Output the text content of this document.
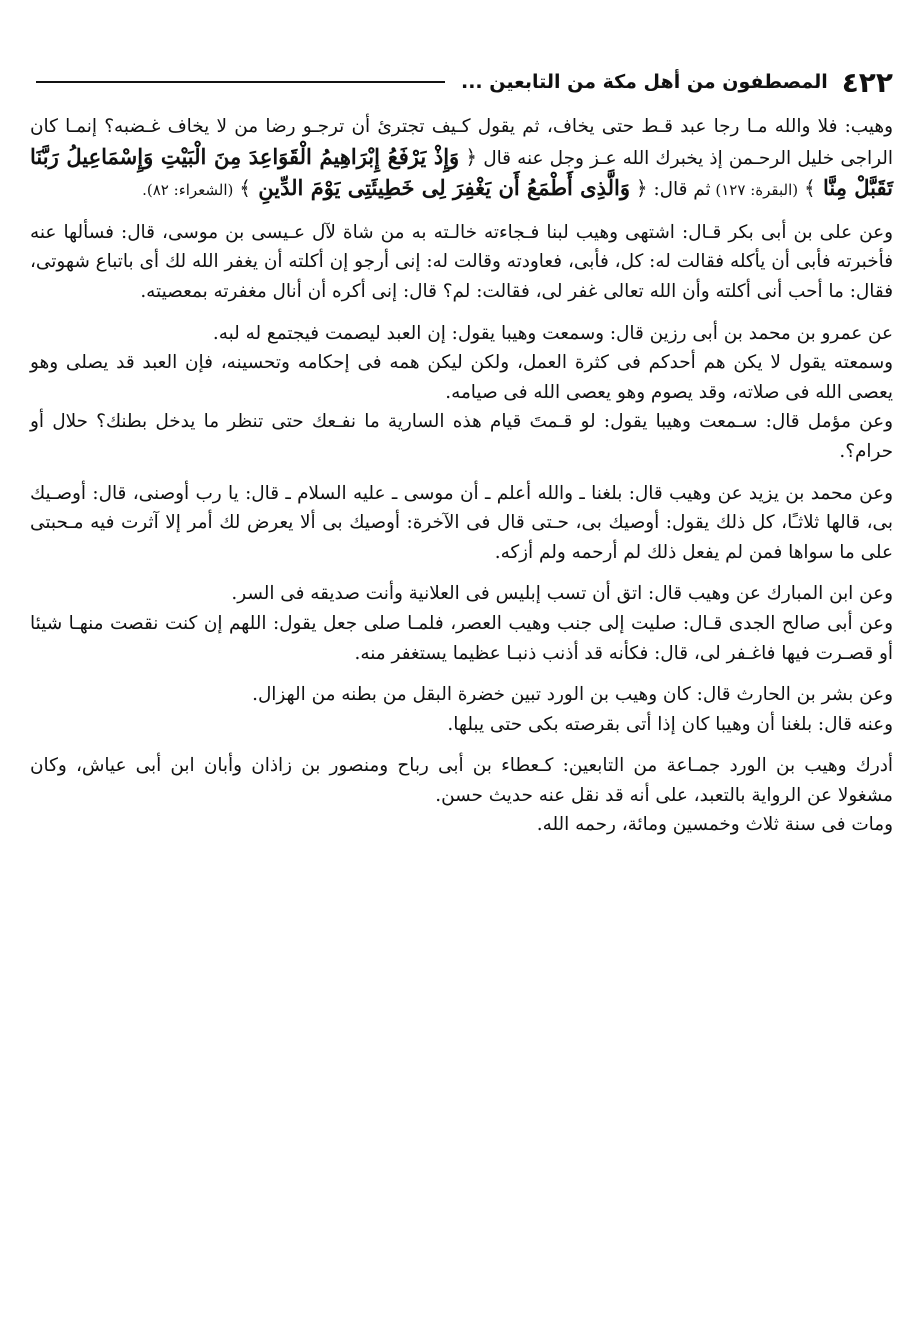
٤٢٢
المصطفون من أهل مكة من التابعين ...

وهيب: فلا والله مـا رجا عبد قـط حتى يخاف، ثم يقول كـيف تجترئ أن ترجـو رضا من لا يخاف غـضبه؟ إنمـا كان الراجى خليل الرحـمن إذ يخبرك الله عـز وجل عنه قال ﴿ وَإِذْ يَرْفَعُ إِبْرَاهِيمُ الْقَوَاعِدَ مِنَ الْبَيْتِ وَإِسْمَاعِيلُ رَبَّنَا تَقَبَّلْ مِنَّا ﴾ (البقرة: ١٢٧) ثم قال: ﴿ وَالَّذِى أَطْمَعُ أَن يَغْفِرَ لِى خَطِيئَتِى يَوْمَ الدِّينِ ﴾ (الشعراء: ٨٢).

وعن على بن أبى بكر قـال: اشتهى وهيب لبنا فـجاءته خالـته به من شاة لآل عـيسى بن موسى، قال: فسألها عنه فأخبرته فأبى أن يأكله فقالت له: كل، فأبى، فعاودته وقالت له: إنى أرجو إن أكلته أن يغفر الله لك أى باتباع شهوتى، فقال: ما أحب أنى أكلته وأن الله تعالى غفر لى، فقالت: لم؟ قال: إنى أكره أن أنال مغفرته بمعصيته.

عن عمرو بن محمد بن أبى رزين قال: وسمعت وهيبا يقول: إن العبد ليصمت فيجتمع له لبه.

وسمعته يقول لا يكن هم أحدكم فى كثرة العمل، ولكن ليكن همه فى إحكامه وتحسينه، فإن العبد قد يصلى وهو يعصى الله فى صلاته، وقد يصوم وهو يعصى الله فى صيامه.

وعن مؤمل قال: سـمعت وهيبا يقول: لو قـمتَ قيام هذه السارية ما نفـعك حتى تنظر ما يدخل بطنك؟ حلال أو حرام؟.

وعن محمد بن يزيد عن وهيب قال: بلغنا ـ والله أعلم ـ أن موسى ـ عليه السلام ـ قال: يا رب أوصنى، قال: أوصـيك بى، قالها ثلاثـًا، كل ذلك يقول: أوصيك بى، حـتى قال فى الآخرة: أوصيك بى ألا يعرض لك أمر إلا آثرت فيه مـحبتى على ما سواها فمن لم يفعل ذلك لم أرحمه ولم أزكه.

وعن ابن المبارك عن وهيب قال: اتق أن تسب إبليس فى العلانية وأنت صديقه فى السر.

وعن أبى صالح الجدى قـال: صليت إلى جنب وهيب العصر، فلمـا صلى جعل يقول: اللهم إن كنت نقصت منهـا شيئا أو قصـرت فيها فاغـفر لى، قال: فكأنه قد أذنب ذنبـا عظيما يستغفر منه.

وعن بشر بن الحارث قال: كان وهيب بن الورد تبين خضرة البقل من بطنه من الهزال.

وعنه قال: بلغنا أن وهيبا كان إذا أتى بقرصته بكى حتى يبلها.

أدرك وهيب بن الورد جمـاعة من التابعين: كـعطاء بن أبى رباح ومنصور بن زاذان وأبان ابن أبى عياش، وكان مشغولا عن الرواية بالتعبد، على أنه قد نقل عنه حديث حسن.

ومات فى سنة ثلاث وخمسين ومائة، رحمه الله.
